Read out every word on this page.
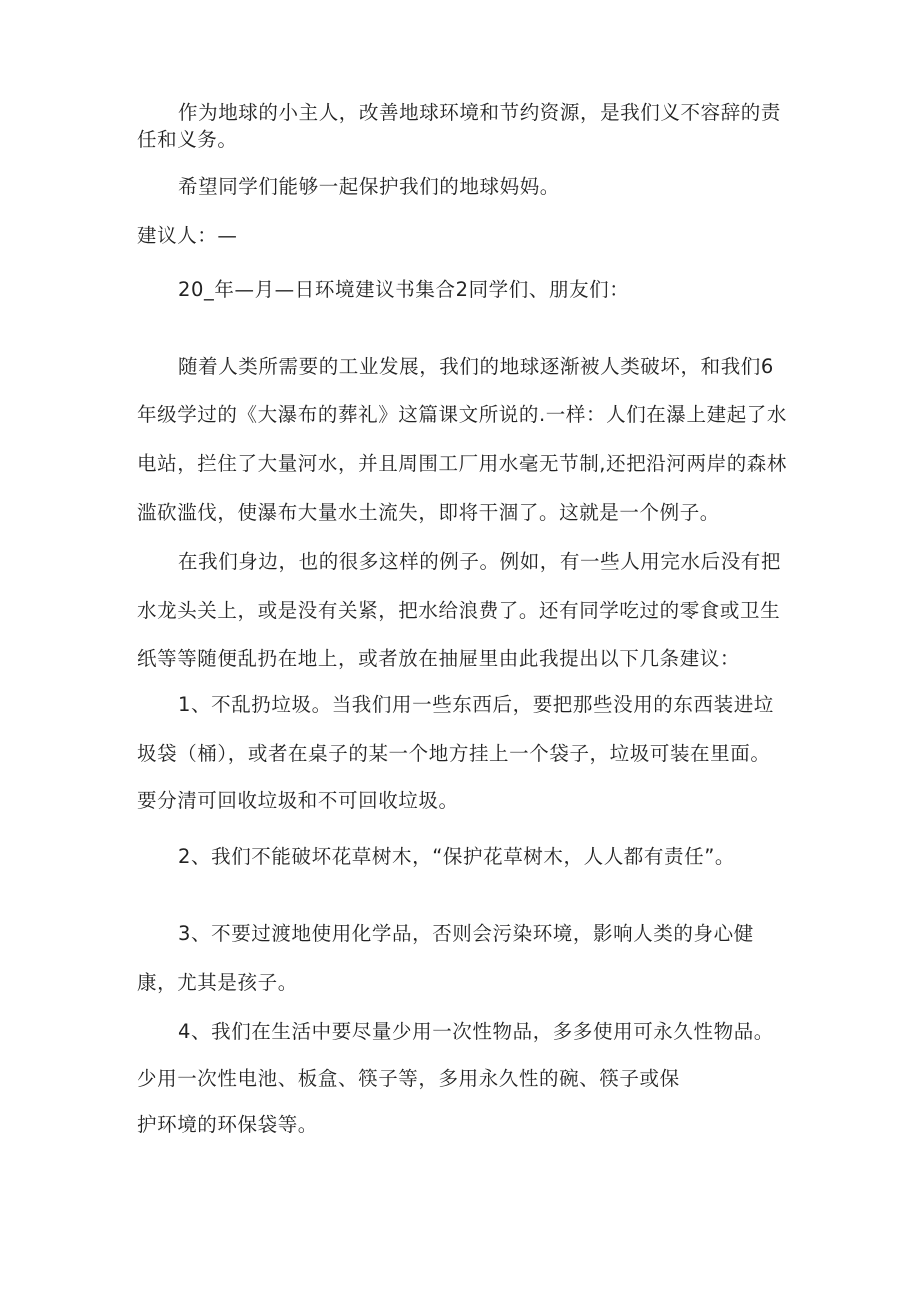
作为地球的小主人，改善地球环境和节约资源，是我们义不容辞的责
任和义务。
希望同学们能够一起保护我们的地球妈妈。
建议人：—
20_年—月—日环境建议书集合2同学们、朋友们：
随着人类所需要的工业发展，我们的地球逐渐被人类破坏，和我们6
年级学过的《大瀑布的葬礼》这篇课文所说的.一样：人们在瀑上建起了水
电站，拦住了大量河水，并且周围工厂用水毫无节制,还把沿河两岸的森林
滥砍滥伐，使瀑布大量水土流失，即将干涸了。这就是一个例子。
在我们身边，也的很多这样的例子。例如，有一些人用完水后没有把
水龙头关上，或是没有关紧，把水给浪费了。还有同学吃过的零食或卫生
纸等等随便乱扔在地上，或者放在抽屉里由此我提出以下几条建议：
1、不乱扔垃圾。当我们用一些东西后，要把那些没用的东西装进垃
圾袋（桶），或者在桌子的某一个地方挂上一个袋子，垃圾可装在里面。
要分清可回收垃圾和不可回收垃圾。
2、我们不能破坏花草树木，“保护花草树木，人人都有责任”。
3、不要过渡地使用化学品，否则会污染环境，影响人类的身心健
康，尤其是孩子。
4、我们在生活中要尽量少用一次性物品，多多使用可永久性物品。
少用一次性电池、板盒、筷子等，多用永久性的碗、筷子或保
护环境的环保袋等。
